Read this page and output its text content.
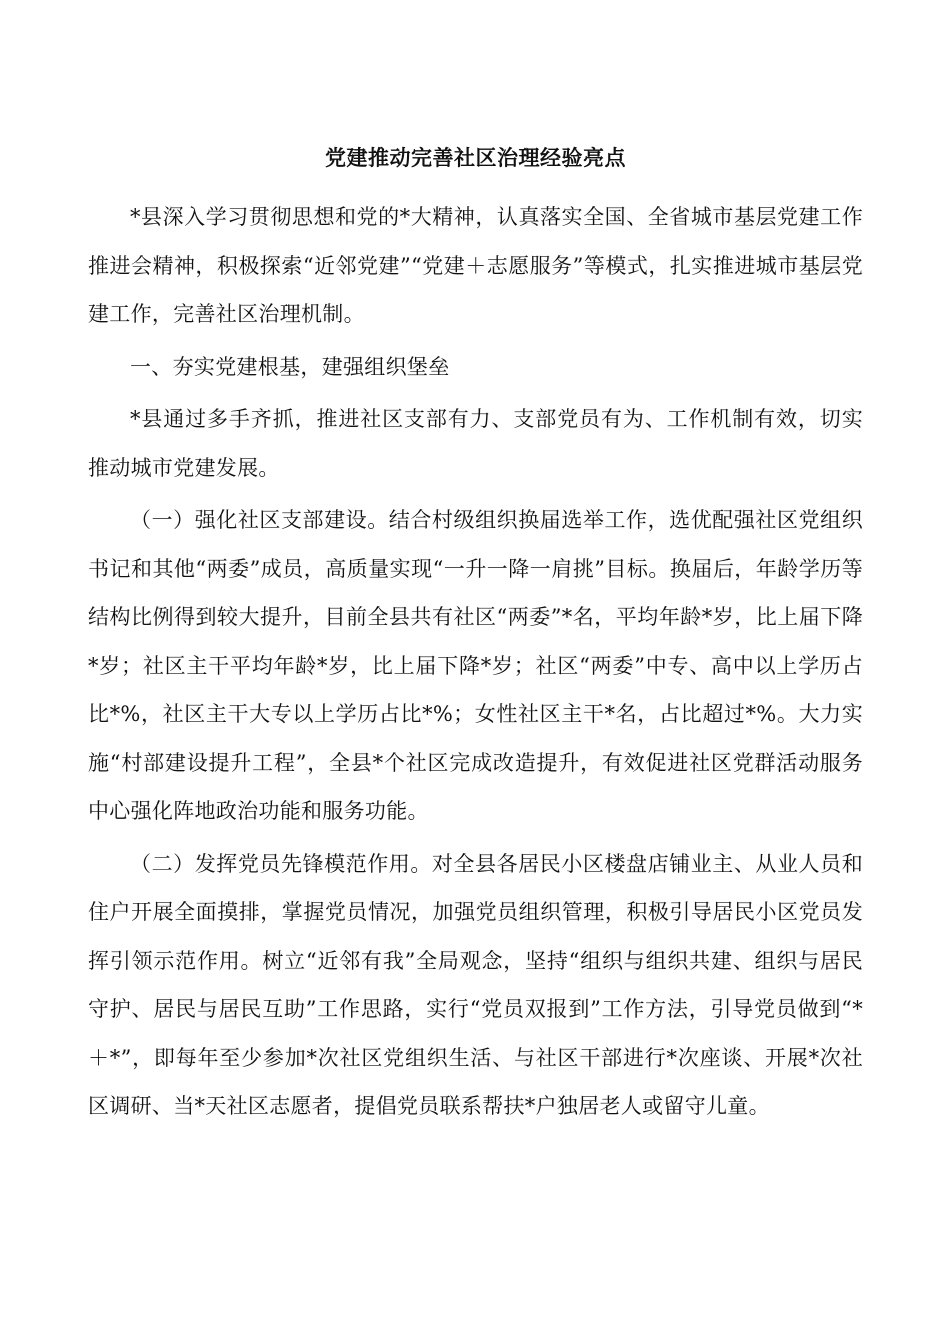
党建推动完善社区治理经验亮点

*县深入学习贯彻思想和党的*大精神，认真落实全国、全省城市基层党建工作推进会精神，积极探索“近邻党建”“党建＋志愿服务”等模式，扎实推进城市基层党建工作，完善社区治理机制。

一、夯实党建根基，建强组织堡垒

*县通过多手齐抓，推进社区支部有力、支部党员有为、工作机制有效，切实推动城市党建发展。

（一）强化社区支部建设。结合村级组织换届选举工作，选优配强社区党组织书记和其他“两委”成员，高质量实现“一升一降一肩挑”目标。换届后，年龄学历等结构比例得到较大提升，目前全县共有社区“两委”*名，平均年龄*岁，比上届下降*岁；社区主干平均年龄*岁，比上届下降*岁；社区“两委”中专、高中以上学历占比*%，社区主干大专以上学历占比*%；女性社区主干*名，占比超过*%。大力实施“村部建设提升工程”，全县*个社区完成改造提升，有效促进社区党群活动服务中心强化阵地政治功能和服务功能。

（二）发挥党员先锋模范作用。对全县各居民小区楼盘店铺业主、从业人员和住户开展全面摸排，掌握党员情况，加强党员组织管理，积极引导居民小区党员发挥引领示范作用。树立“近邻有我”全局观念，坚持“组织与组织共建、组织与居民守护、居民与居民互助”工作思路，实行“党员双报到”工作方法，引导党员做到“*＋*”，即每年至少参加*次社区党组织生活、与社区干部进行*次座谈、开展*次社区调研、当*天社区志愿者，提倡党员联系帮扶*户独居老人或留守儿童。
